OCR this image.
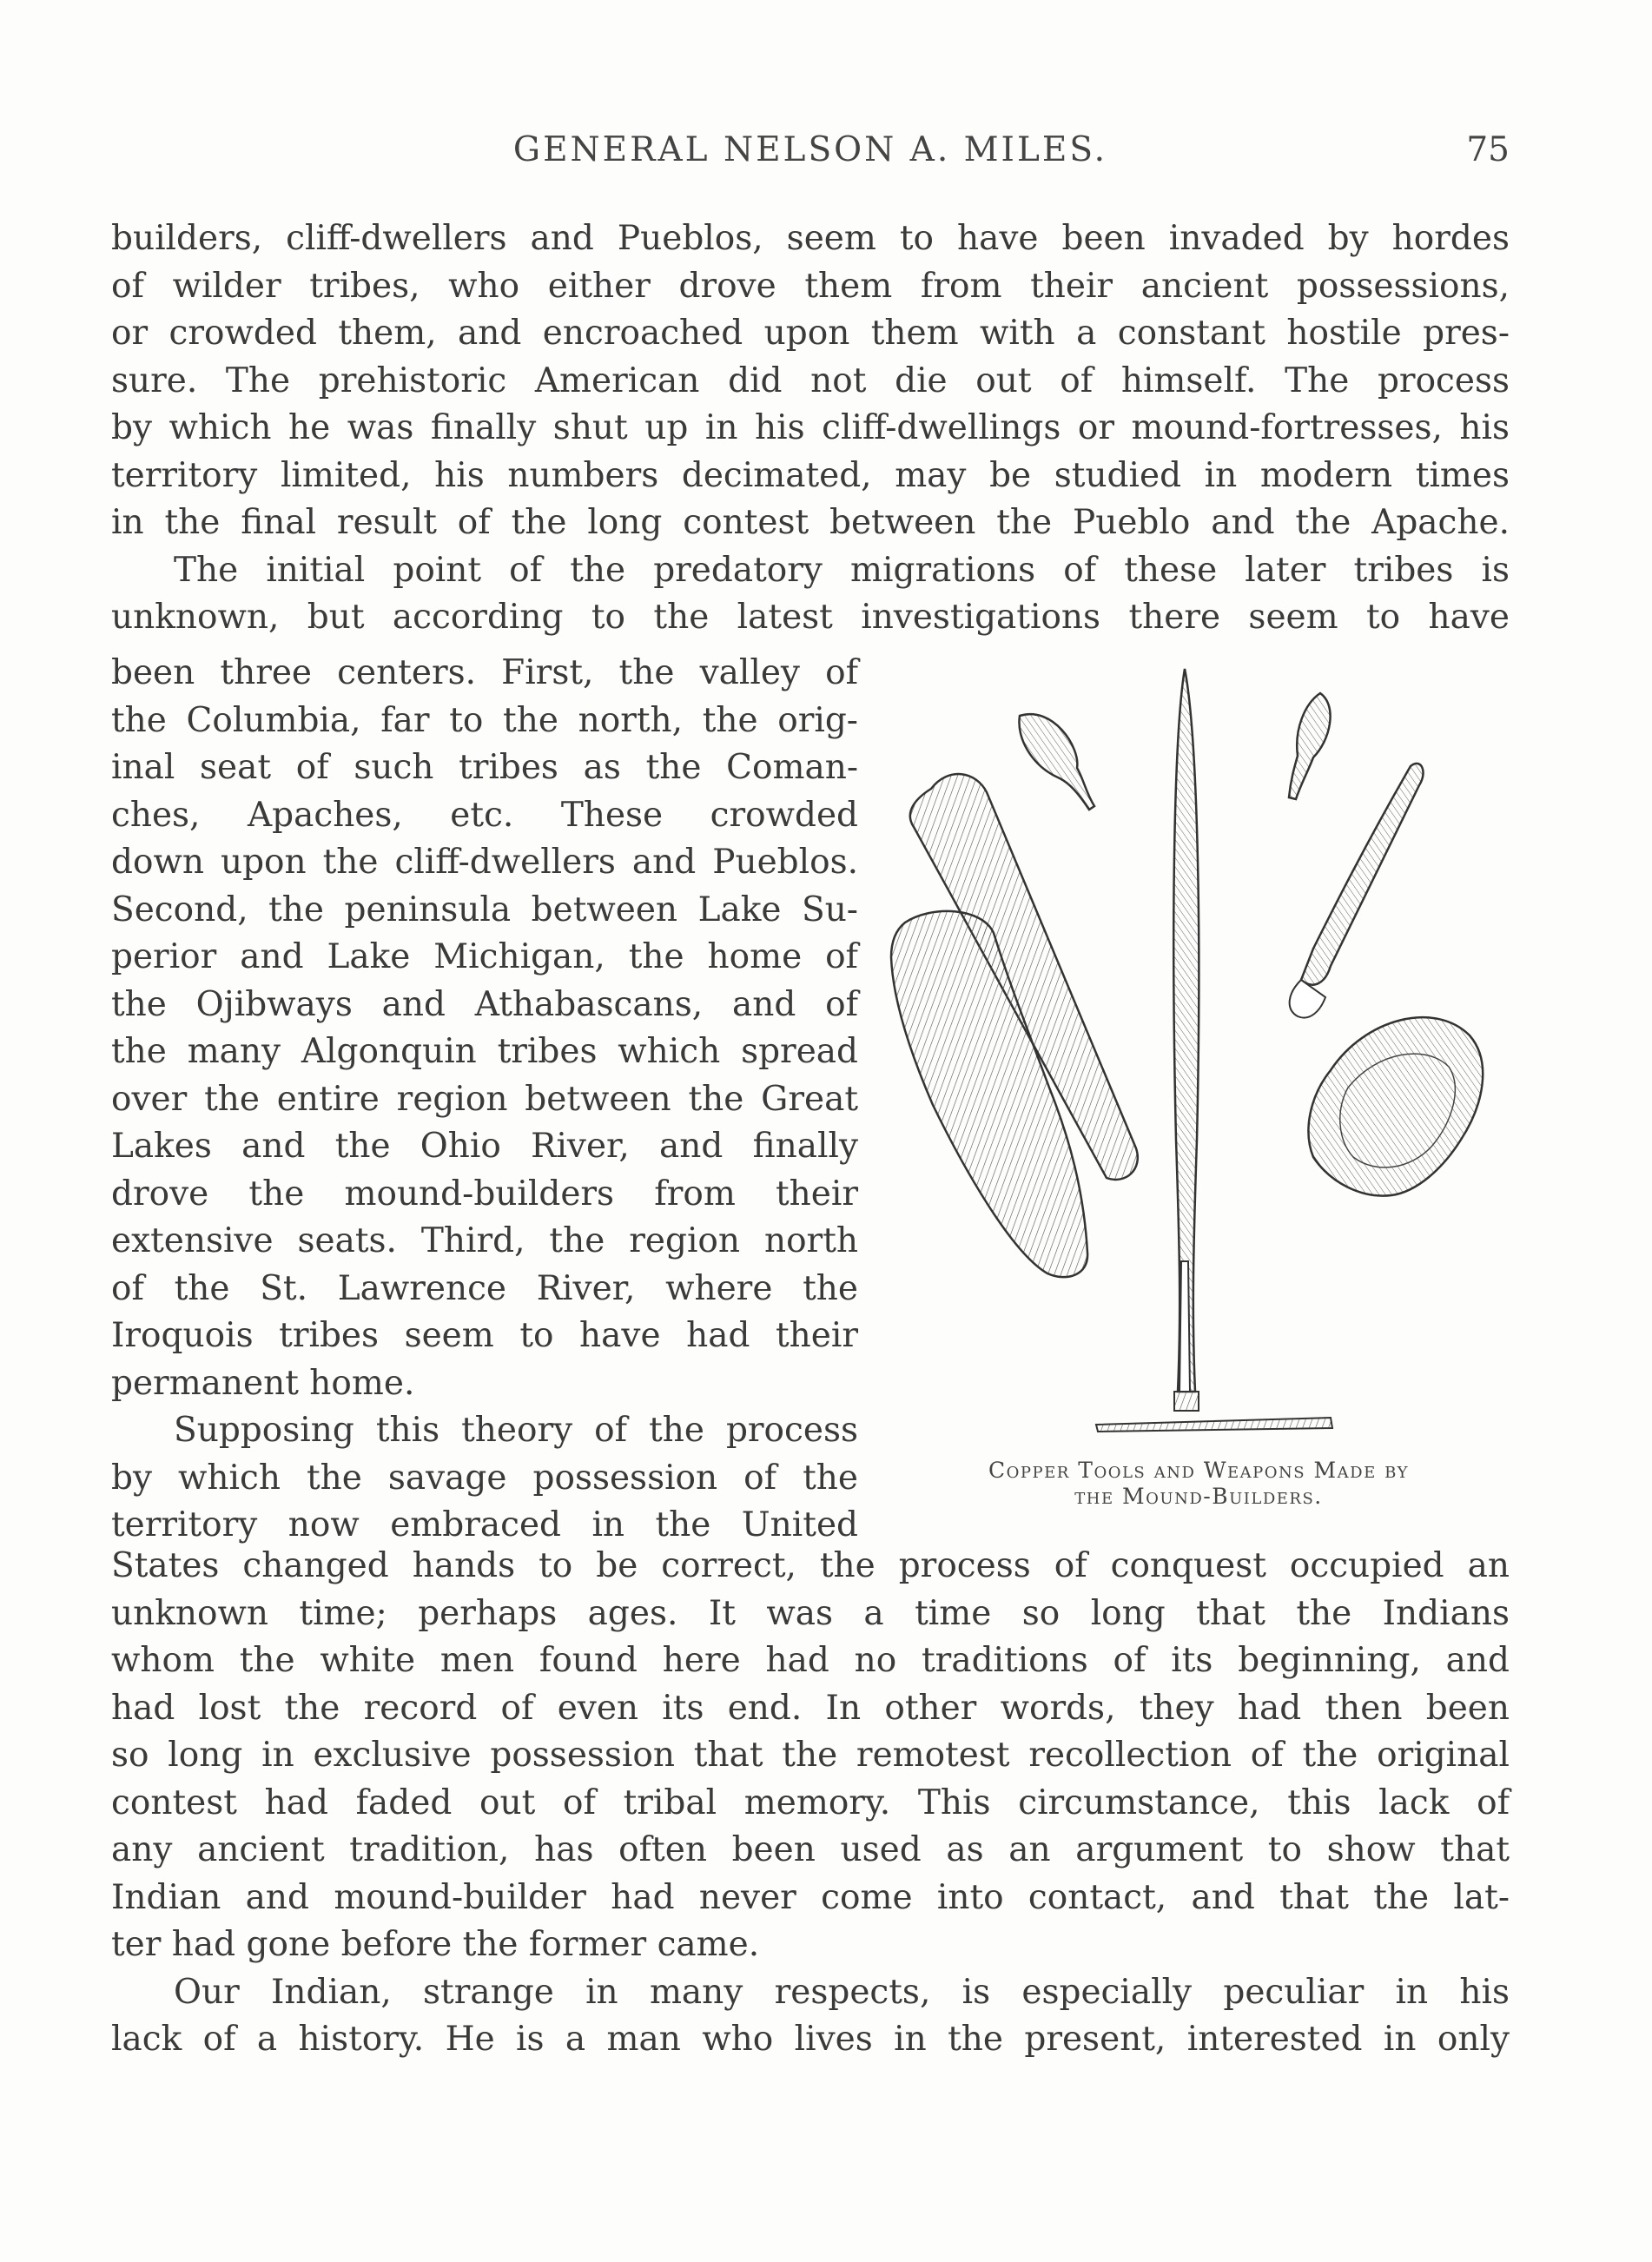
GENERAL NELSON A. MILES.	75
builders, cliff-dwellers and Pueblos, seem to have been invaded by hordes
of wilder tribes, who either drove them from their ancient possessions,
or crowded them, and encroached upon them with a constant hostile pres-
sure. The prehistoric American did not die out of himself. The process
by which he was finally shut up in his cliff-dwellings or mound-fortresses, his
territory limited, his numbers decimated, may be studied in modern times
in the final result of the long contest between the Pueblo and the Apache.
The initial point of the predatory migrations of these later tribes is
unknown, but according to the latest investigations there seem to have
been three centers. First, the valley of
the Columbia, far to the north, the orig-
inal seat of such tribes as the Coman-
ches, Apaches, etc. These crowded
down upon the cliff-dwellers and Pueblos.
Second, the peninsula between Lake Su-
perior and Lake Michigan, the home of
the Ojibways and Athabascans, and of
the many Algonquin tribes which spread
over the entire region between the Great
Lakes and the Ohio River, and finally
drove the mound-builders from their
extensive seats. Third, the region north
of the St. Lawrence River, where the
Iroquois tribes seem to have had their
permanent home.
Supposing this theory of the process
by which the savage possession of the
territory now embraced in the United
Copper Tools and Weapons Made by
the Mound-Builders.
States changed hands to be correct, the process of conquest occupied an
unknown time; perhaps ages. It was a time so long that the Indians
whom the white men found here had no traditions of its beginning, and
had lost the record of even its end. In other words, they had then been
so long in exclusive possession that the remotest recollection of the original
contest had faded out of tribal memory. This circumstance, this lack of
any ancient tradition, has often been used as an argument to show that
Indian and mound-builder had never come into contact, and that the lat-
ter had gone before the former came.
Our Indian, strange in many respects, is especially peculiar in his
lack of a history. He is a man who lives in the present, interested in only
